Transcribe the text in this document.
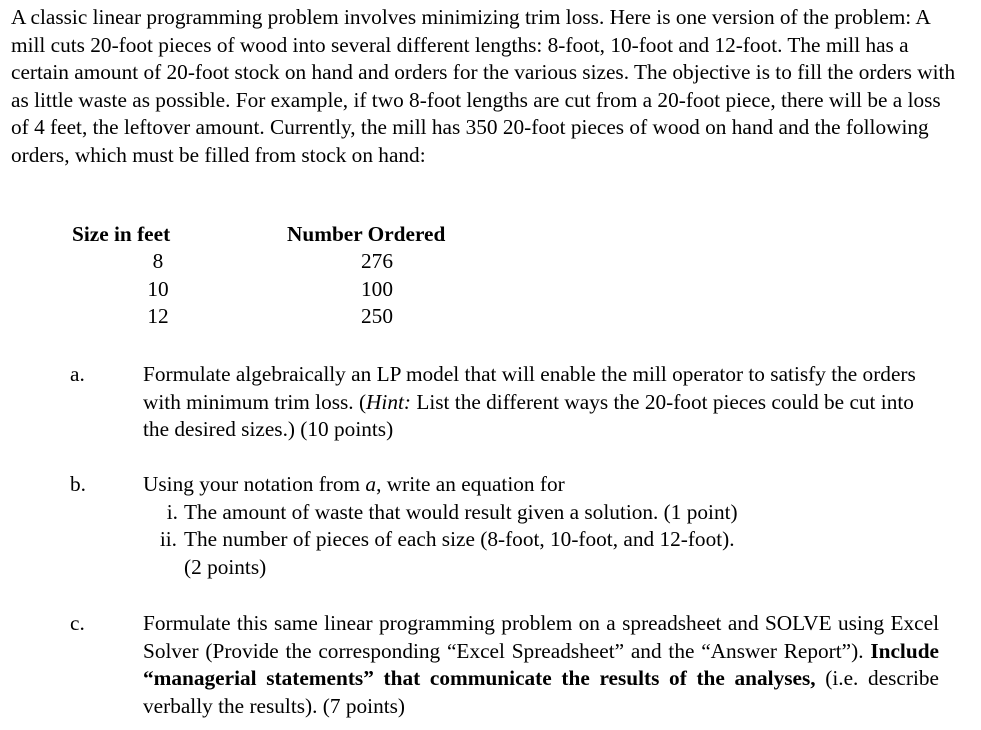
A classic linear programming problem involves minimizing trim loss. Here is one version of the problem: A mill cuts 20-foot pieces of wood into several different lengths: 8-foot, 10-foot and 12-foot. The mill has a certain amount of 20-foot stock on hand and orders for the various sizes. The objective is to fill the orders with as little waste as possible. For example, if two 8-foot lengths are cut from a 20-foot piece, there will be a loss of 4 feet, the leftover amount. Currently, the mill has 350 20-foot pieces of wood on hand and the following orders, which must be filled from stock on hand:

Size in feet	Number Ordered
8	276
10	100
12	250
a.	Formulate algebraically an LP model that will enable the mill operator to satisfy the orders with minimum trim loss. (Hint: List the different ways the 20-foot pieces could be cut into the desired sizes.) (10 points)
b.	Using your notation from a, write an equation for
i. The amount of waste that would result given a solution. (1 point)
ii. The number of pieces of each size (8-foot, 10-foot, and 12-foot).
(2 points)
c.	Formulate this same linear programming problem on a spreadsheet and SOLVE using Excel Solver (Provide the corresponding “Excel Spreadsheet” and the “Answer Report”). Include “managerial statements” that communicate the results of the analyses, (i.e. describe verbally the results). (7 points)
